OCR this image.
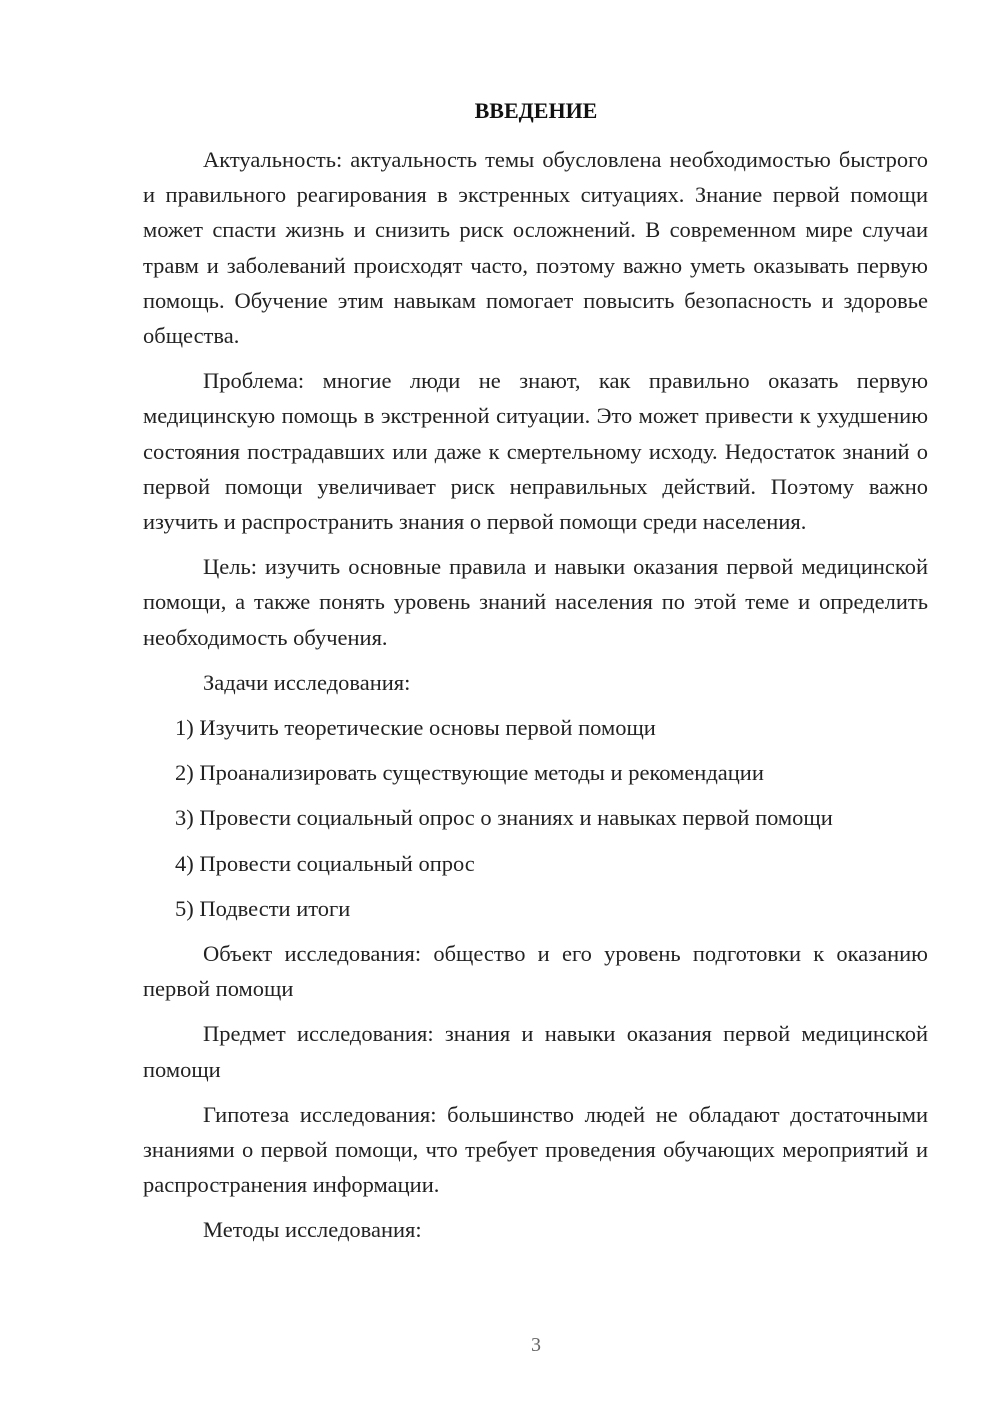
ВВЕДЕНИЕ

Актуальность: актуальность темы обусловлена необходимостью быстрого и правильного реагирования в экстренных ситуациях. Знание первой помощи может спасти жизнь и снизить риск осложнений. В современном мире случаи травм и заболеваний происходят часто, поэтому важно уметь оказывать первую помощь. Обучение этим навыкам помогает повысить безопасность и здоровье общества.

Проблема: многие люди не знают, как правильно оказать первую медицинскую помощь в экстренной ситуации. Это может привести к ухудшению состояния пострадавших или даже к смертельному исходу. Недостаток знаний о первой помощи увеличивает риск неправильных действий. Поэтому важно изучить и распространить знания о первой помощи среди населения.

Цель: изучить основные правила и навыки оказания первой медицинской помощи, а также понять уровень знаний населения по этой теме и определить необходимость обучения.

Задачи исследования:

1) Изучить теоретические основы первой помощи
2) Проанализировать существующие методы и рекомендации
3) Провести социальный опрос о знаниях и навыках первой помощи
4) Провести социальный опрос
5) Подвести итоги

Объект исследования: общество и его уровень подготовки к оказанию первой помощи

Предмет исследования: знания и навыки оказания первой медицинской помощи

Гипотеза исследования: большинство людей не обладают достаточными знаниями о первой помощи, что требует проведения обучающих мероприятий и распространения информации.

Методы исследования:

3
